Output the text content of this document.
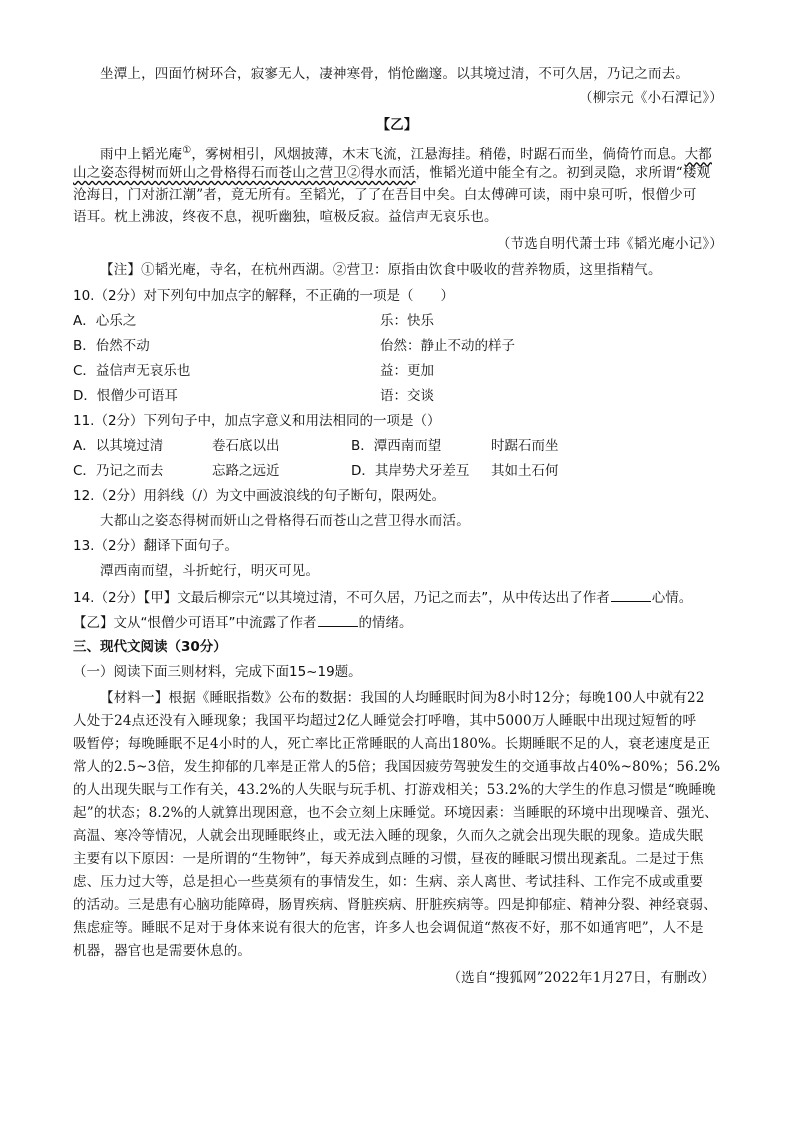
坐潭上，四面竹树环合，寂寥无人，凄神寒骨，悄怆幽邃。以其境过清，不可久居，乃记之而去。
（柳宗元《小石潭记》）
【乙】
雨中上韬光庵①，雾树相引，风烟披薄，木末飞流，江悬海挂。稍倦，时踞石而坐，倘倚竹而息。大都
山之姿态得树而妍山之骨格得石而苍山之营卫②得水而活，惟韬光道中能全有之。初到灵隐，求所谓“楼观
沧海日，门对浙江潮”者，竟无所有。至韬光，了了在吾目中矣。白太傅碑可读，雨中泉可听，恨僧少可
语耳。枕上沸波，终夜不息，视听幽独，喧极反寂。益信声无哀乐也。
（节选自明代萧士玮《韬光庵小记》）
【注】①韬光庵，寺名，在杭州西湖。②营卫：原指由饮食中吸收的营养物质，这里指精气。
10.（2分）对下列句中加点字的解释，不正确的一项是（　　）
A．心乐之	乐：快乐
B．佁然不动	佁然：静止不动的样子
C．益信声无哀乐也	益：更加
D．恨僧少可语耳	语：交谈
11.（2分）下列句子中，加点字意义和用法相同的一项是（）
A．以其境过清	卷石底以出	B．潭西南而望	时踞石而坐
C．乃记之而去	忘路之远近	D．其岸势犬牙差互 其如土石何
12.（2分）用斜线（/）为文中画波浪线的句子断句，限两处。
大都山之姿态得树而妍山之骨格得石而苍山之营卫得水而活。
13.（2分）翻译下面句子。
潭西南而望，斗折蛇行，明灭可见。
14.（2分）【甲】文最后柳宗元“以其境过清，不可久居，乃记之而去”，从中传达出了作者	心情。
【乙】文从“恨僧少可语耳”中流露了作者	的情绪。
三、现代文阅读（30分）
（一）阅读下面三则材料，完成下面15~19题。
【材料一】根据《睡眠指数》公布的数据：我国的人均睡眠时间为8小时12分；每晚100人中就有22
人处于24点还没有入睡现象；我国平均超过2亿人睡觉会打呼噜，其中5000万人睡眠中出现过短暂的呼
吸暂停；每晚睡眠不足4小时的人，死亡率比正常睡眠的人高出180%。长期睡眠不足的人，衰老速度是正
常人的2.5~3倍，发生抑郁的几率是正常人的5倍；我国因疲劳驾驶发生的交通事故占40%~80%；56.2%
的人出现失眠与工作有关，43.2%的人失眠与玩手机、打游戏相关；53.2%的大学生的作息习惯是“晚睡晚
起”的状态；8.2%的人就算出现困意，也不会立刻上床睡觉。环境因素：当睡眠的环境中出现噪音、强光、
高温、寒冷等情况，人就会出现睡眠终止，或无法入睡的现象，久而久之就会出现失眠的现象。造成失眠
主要有以下原因：一是所谓的“生物钟”，每天养成到点睡的习惯，昼夜的睡眠习惯出现紊乱。二是过于焦
虑、压力过大等，总是担心一些莫须有的事情发生，如：生病、亲人离世、考试挂科、工作完不成或重要
的活动。三是患有心脑功能障碍，肠胃疾病、肾脏疾病、肝脏疾病等。四是抑郁症、精神分裂、神经衰弱、
焦虑症等。睡眠不足对于身体来说有很大的危害，许多人也会调侃道“熬夜不好，那不如通宵吧”，人不是
机器，器官也是需要休息的。
（选自“搜狐网”2022年1月27日，有删改）
